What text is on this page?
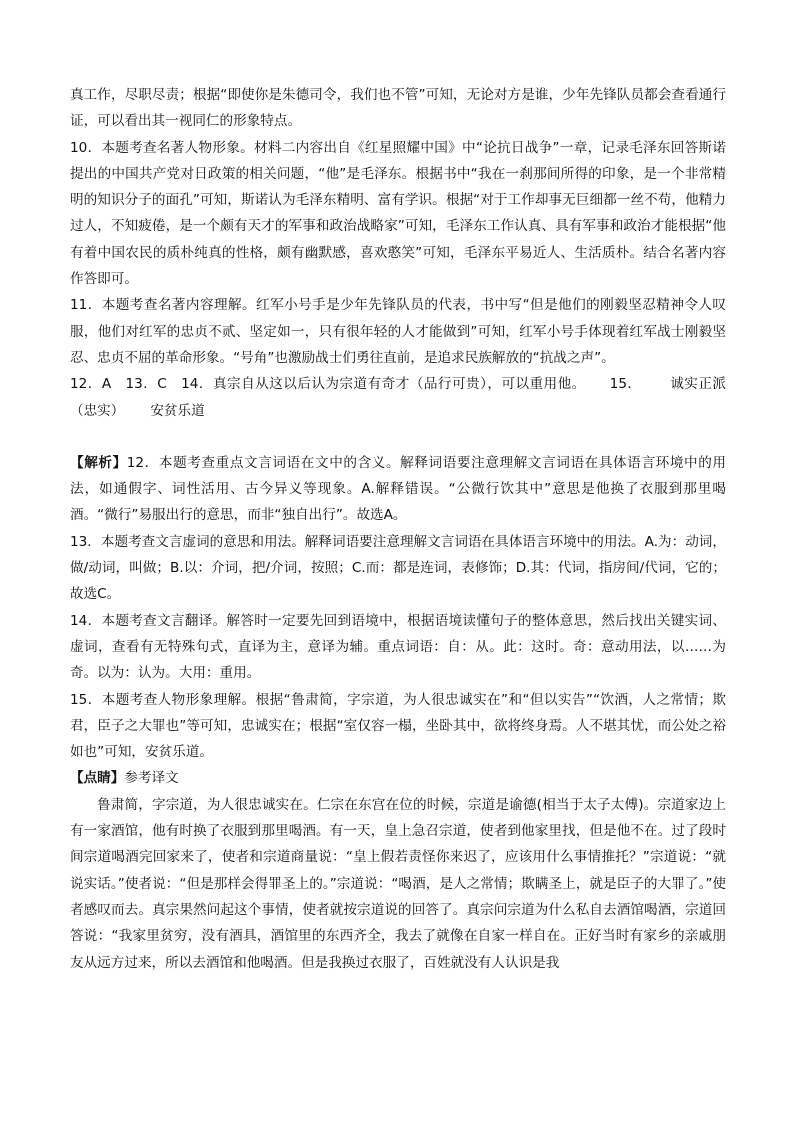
真工作，尽职尽责；根据“即使你是朱德司令，我们也不管”可知，无论对方是谁，少年先锋队员都会查看通行证，可以看出其一视同仁的形象特点。

10．本题考查名著人物形象。材料二内容出自《红星照耀中国》中“论抗日战争”一章，记录毛泽东回答斯诺提出的中国共产党对日政策的相关问题，“他”是毛泽东。根据书中“我在一刹那间所得的印象，是一个非常精明的知识分子的面孔”可知，斯诺认为毛泽东精明、富有学识。根据“对于工作却事无巨细都一丝不苟，他精力过人，不知疲倦，是一个颇有天才的军事和政治战略家”可知，毛泽东工作认真、具有军事和政治才能根据“他有着中国农民的质朴纯真的性格，颇有幽默感，喜欢憨笑”可知，毛泽东平易近人、生活质朴。结合名著内容作答即可。

11．本题考查名著内容理解。红军小号手是少年先锋队员的代表，书中写“但是他们的刚毅坚忍精神令人叹服，他们对红军的忠贞不贰、坚定如一，只有很年轻的人才能做到”可知，红军小号手体现着红军战士刚毅坚忍、忠贞不屈的革命形象。“号角”也激励战士们勇往直前，是追求民族解放的“抗战之声”。

12．A 13．C 14．真宗自从这以后认为宗道有奇才（品行可贵），可以重用他。 15． 诚实正派（忠实） 安贫乐道

【解析】12．本题考查重点文言词语在文中的含义。解释词语要注意理解文言词语在具体语言环境中的用法，如通假字、词性活用、古今异义等现象。A.解释错误。“公微行饮其中”意思是他换了衣服到那里喝酒。“微行”易服出行的意思，而非“独自出行”。故选A。

13．本题考查文言虚词的意思和用法。解释词语要注意理解文言词语在具体语言环境中的用法。A.为：动词，做/动词，叫做；B.以：介词，把/介词，按照；C.而：都是连词，表修饰；D.其：代词，指房间/代词，它的；故选C。

14．本题考查文言翻译。解答时一定要先回到语境中，根据语境读懂句子的整体意思，然后找出关键实词、虚词，查看有无特殊句式，直译为主，意译为辅。重点词语：自：从。此：这时。奇：意动用法，以……为奇。以为：认为。大用：重用。

15．本题考查人物形象理解。根据“鲁肃简，字宗道，为人很忠诚实在”和“但以实告”“饮酒，人之常情；欺君，臣子之大罪也”等可知，忠诚实在；根据“室仅容一榻，坐卧其中，欲将终身焉。人不堪其忧，而公处之裕如也”可知，安贫乐道。

【点睛】参考译文

鲁肃简，字宗道，为人很忠诚实在。仁宗在东宫在位的时候，宗道是谕德(相当于太子太傅)。宗道家边上有一家酒馆，他有时换了衣服到那里喝酒。有一天，皇上急召宗道，使者到他家里找，但是他不在。过了段时间宗道喝酒完回家来了，使者和宗道商量说：“皇上假若责怪你来迟了，应该用什么事情推托？”宗道说：“就说实话。”使者说：“但是那样会得罪圣上的。”宗道说：“喝酒，是人之常情；欺瞒圣上，就是臣子的大罪了。”使者感叹而去。真宗果然问起这个事情，使者就按宗道说的回答了。真宗问宗道为什么私自去酒馆喝酒，宗道回答说：“我家里贫穷，没有酒具，酒馆里的东西齐全，我去了就像在自家一样自在。正好当时有家乡的亲戚朋友从远方过来，所以去酒馆和他喝酒。但是我换过衣服了，百姓就没有人认识是我
